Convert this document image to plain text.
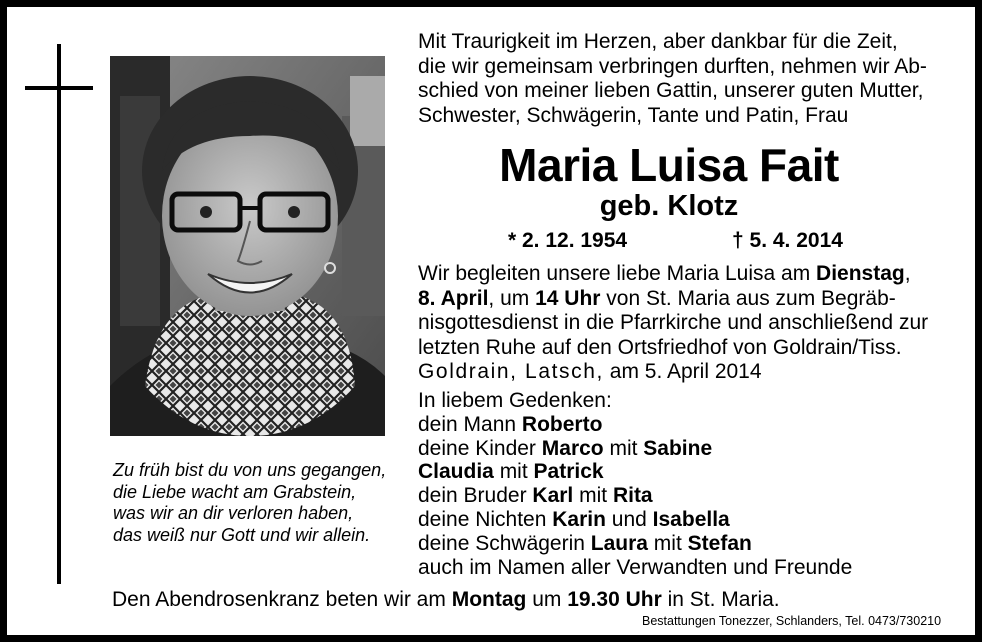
Mit Traurigkeit im Herzen, aber dankbar für die Zeit,
die wir gemeinsam verbringen durften, nehmen wir Ab-
schied von meiner lieben Gattin, unserer guten Mutter,
Schwester, Schwägerin, Tante und Patin, Frau
Maria Luisa Fait
geb. Klotz
* 2. 12. 1954	† 5. 4. 2014
Wir begleiten unsere liebe Maria Luisa am Dienstag,
8. April, um 14 Uhr von St. Maria aus zum Begräb-
nisgottesdienst in die Pfarrkirche und anschließend zur
letzten Ruhe auf den Ortsfriedhof von Goldrain/Tiss.
Goldrain, Latsch, am 5. April 2014
In liebem Gedenken:
dein Mann Roberto
deine Kinder Marco mit Sabine
Claudia mit Patrick
dein Bruder Karl mit Rita
deine Nichten Karin und Isabella
deine Schwägerin Laura mit Stefan
auch im Namen aller Verwandten und Freunde
Zu früh bist du von uns gegangen,
die Liebe wacht am Grabstein,
was wir an dir verloren haben,
das weiß nur Gott und wir allein.
Den Abendrosenkranz beten wir am Montag um 19.30 Uhr in St. Maria.
Bestattungen Tonezzer, Schlanders, Tel. 0473/730210
